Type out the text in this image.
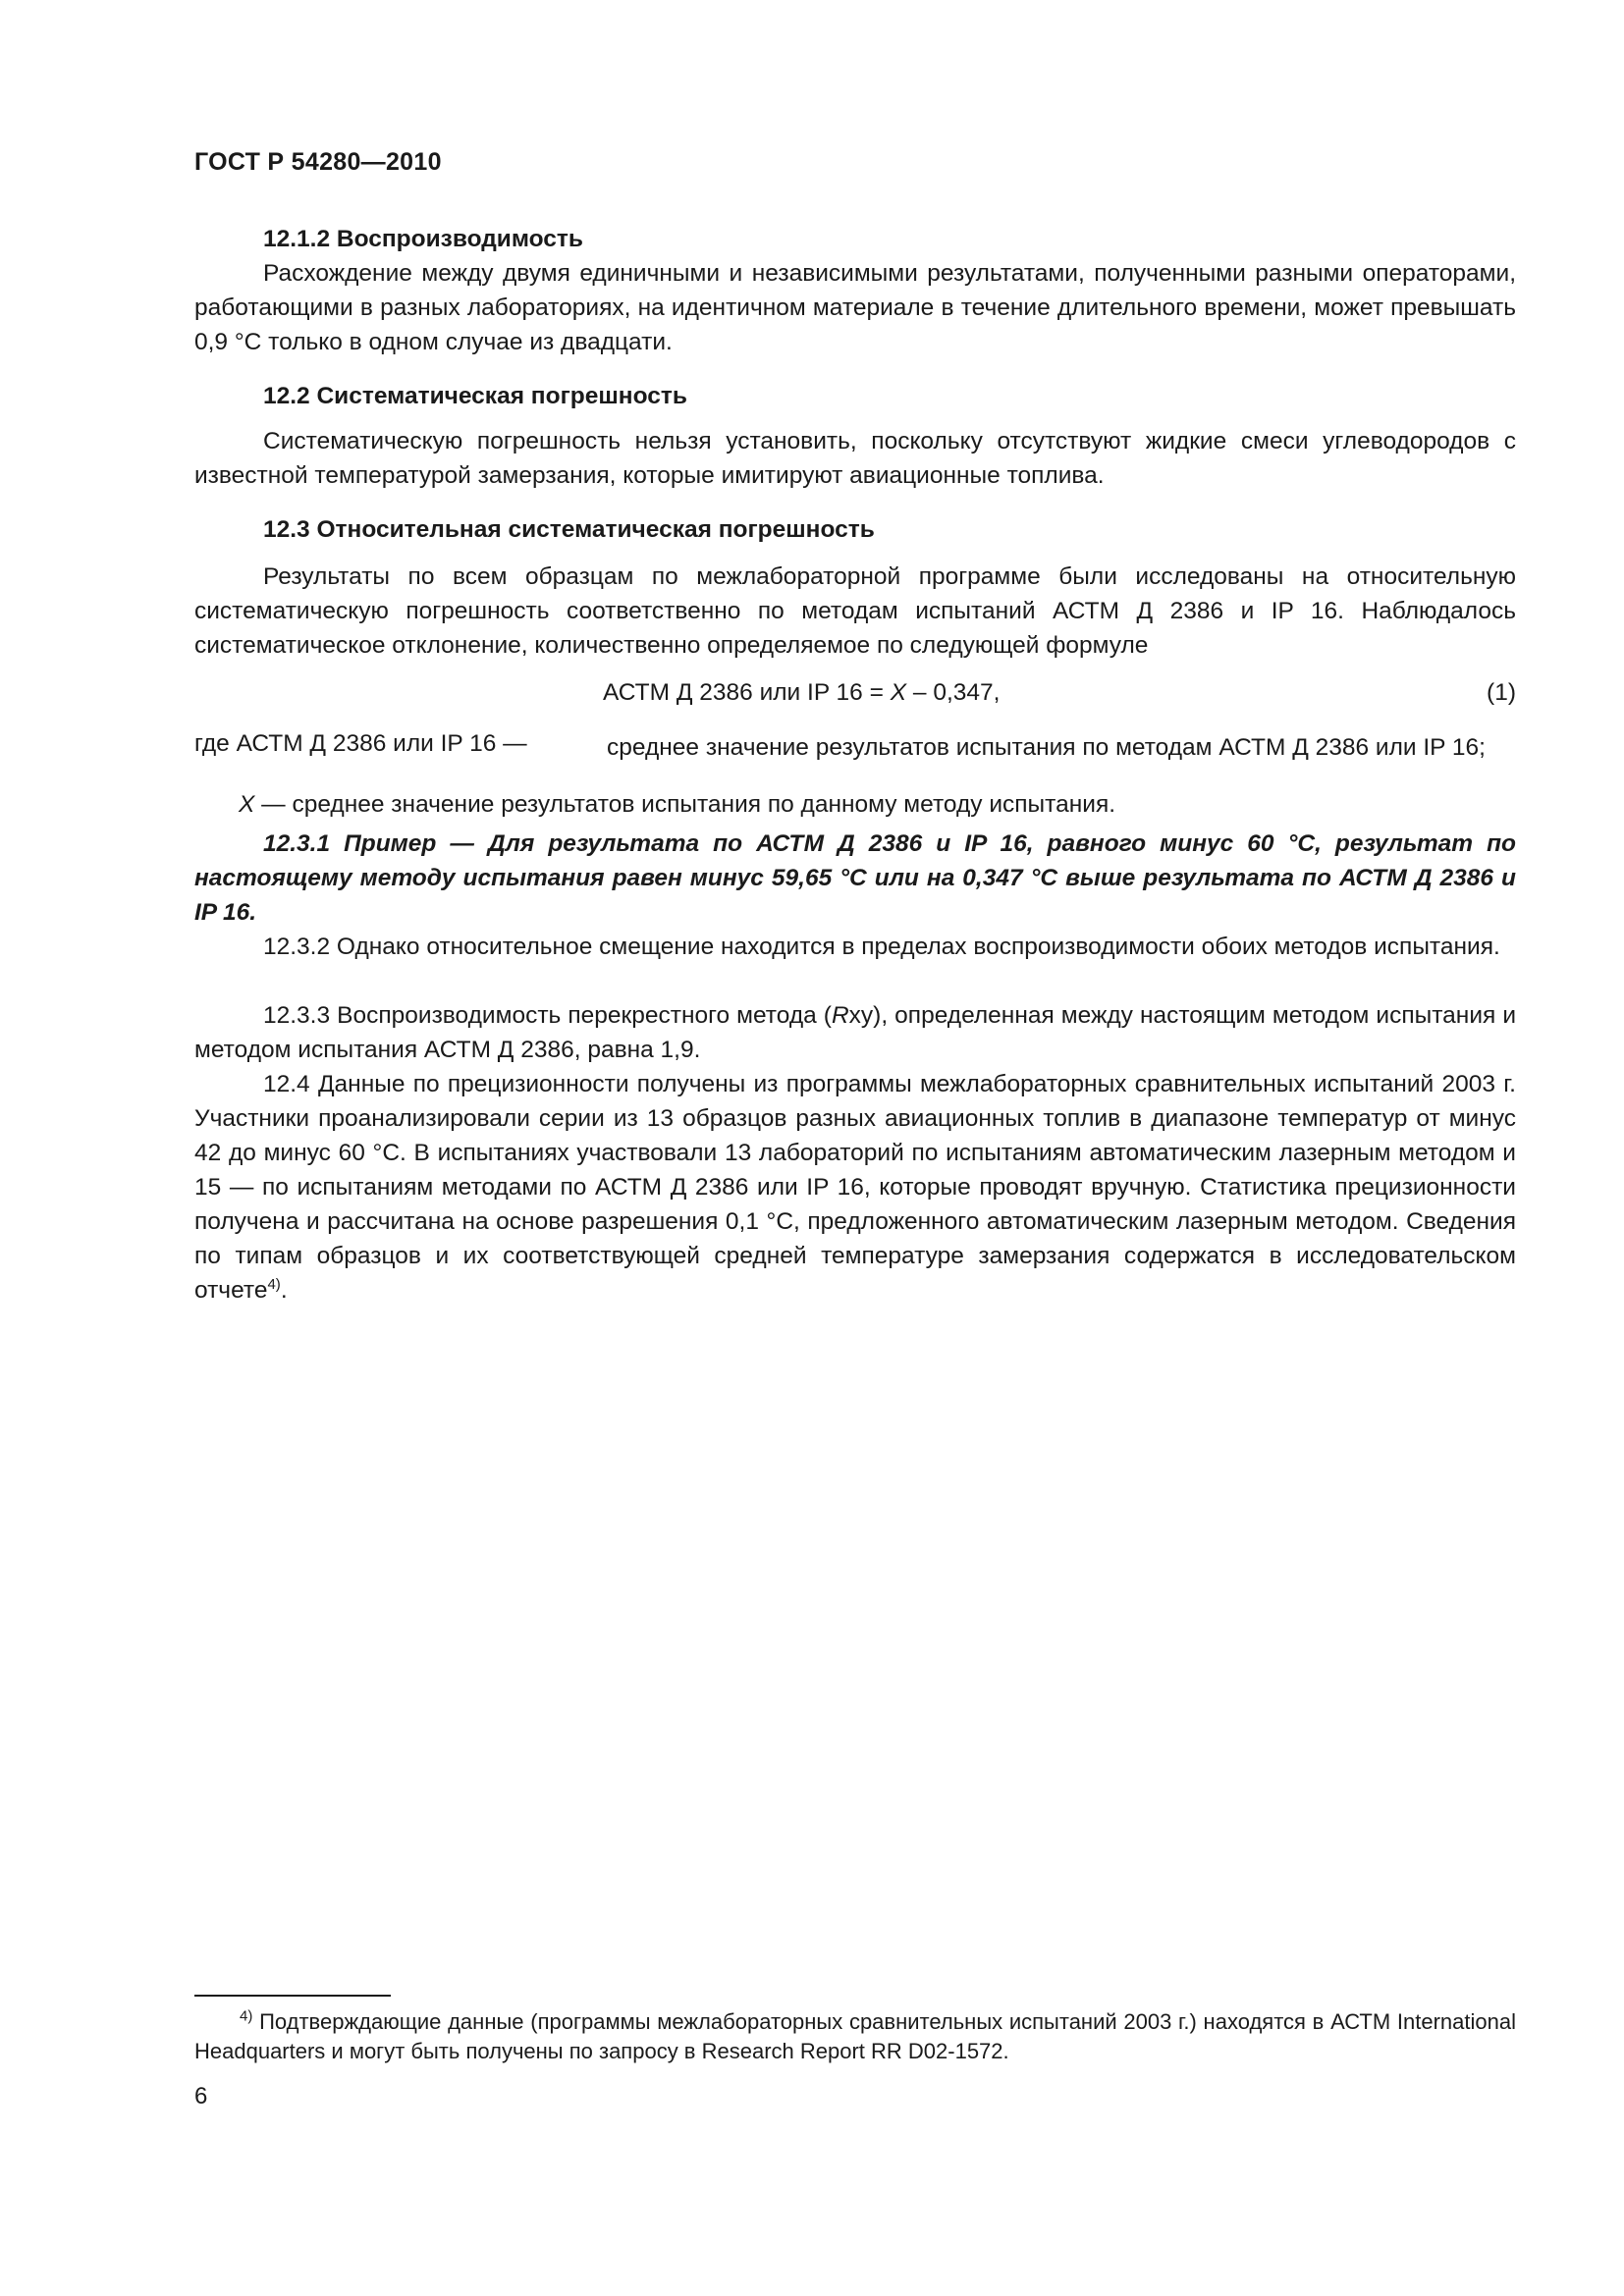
ГОСТ Р 54280—2010
12.1.2 Воспроизводимость
Расхождение между двумя единичными и независимыми результатами, полученными разными операторами, работающими в разных лабораториях, на идентичном материале в течение длительного времени, может превышать 0,9 °С только в одном случае из двадцати.
12.2 Систематическая погрешность
Систематическую погрешность нельзя установить, поскольку отсутствуют жидкие смеси углеводородов с известной температурой замерзания, которые имитируют авиационные топлива.
12.3 Относительная систематическая погрешность
Результаты по всем образцам по межлабораторной программе были исследованы на относительную систематическую погрешность соответственно по методам испытаний АСТМ Д 2386 и IP 16. Наблюдалось систематическое отклонение, количественно определяемое по следующей формуле
АСТМ Д 2386 или IP 16 = X – 0,347,	(1)
где АСТМ Д 2386 или IP 16 —	среднее значение результатов испытания по методам АСТМ Д 2386 или IP 16;
X — среднее значение результатов испытания по данному методу испытания.
12.3.1 Пример — Для результата по АСТМ Д 2386 и IP 16, равного минус 60 °С, результат по настоящему методу испытания равен минус 59,65 °С или на 0,347 °С выше результата по АСТМ Д 2386 и IP 16.
12.3.2 Однако относительное смещение находится в пределах воспроизводимости обоих методов испытания.
12.3.3 Воспроизводимость перекрестного метода (Rxy), определенная между настоящим методом испытания и методом испытания АСТМ Д 2386, равна 1,9.
12.4 Данные по прецизионности получены из программы межлабораторных сравнительных испытаний 2003 г. Участники проанализировали серии из 13 образцов разных авиационных топлив в диапазоне температур от минус 42 до минус 60 °С. В испытаниях участвовали 13 лабораторий по испытаниям автоматическим лазерным методом и 15 — по испытаниям методами по АСТМ Д 2386 или IP 16, которые проводят вручную. Статистика прецизионности получена и рассчитана на основе разрешения 0,1 °С, предложенного автоматическим лазерным методом. Сведения по типам образцов и их соответствующей средней температуре замерзания содержатся в исследовательском отчете$^{4)}$.
$^{4)}$ Подтверждающие данные (программы межлабораторных сравнительных испытаний 2003 г.) находятся в АСТМ International Headquarters и могут быть получены по запросу в Research Report RR D02-1572.
6
